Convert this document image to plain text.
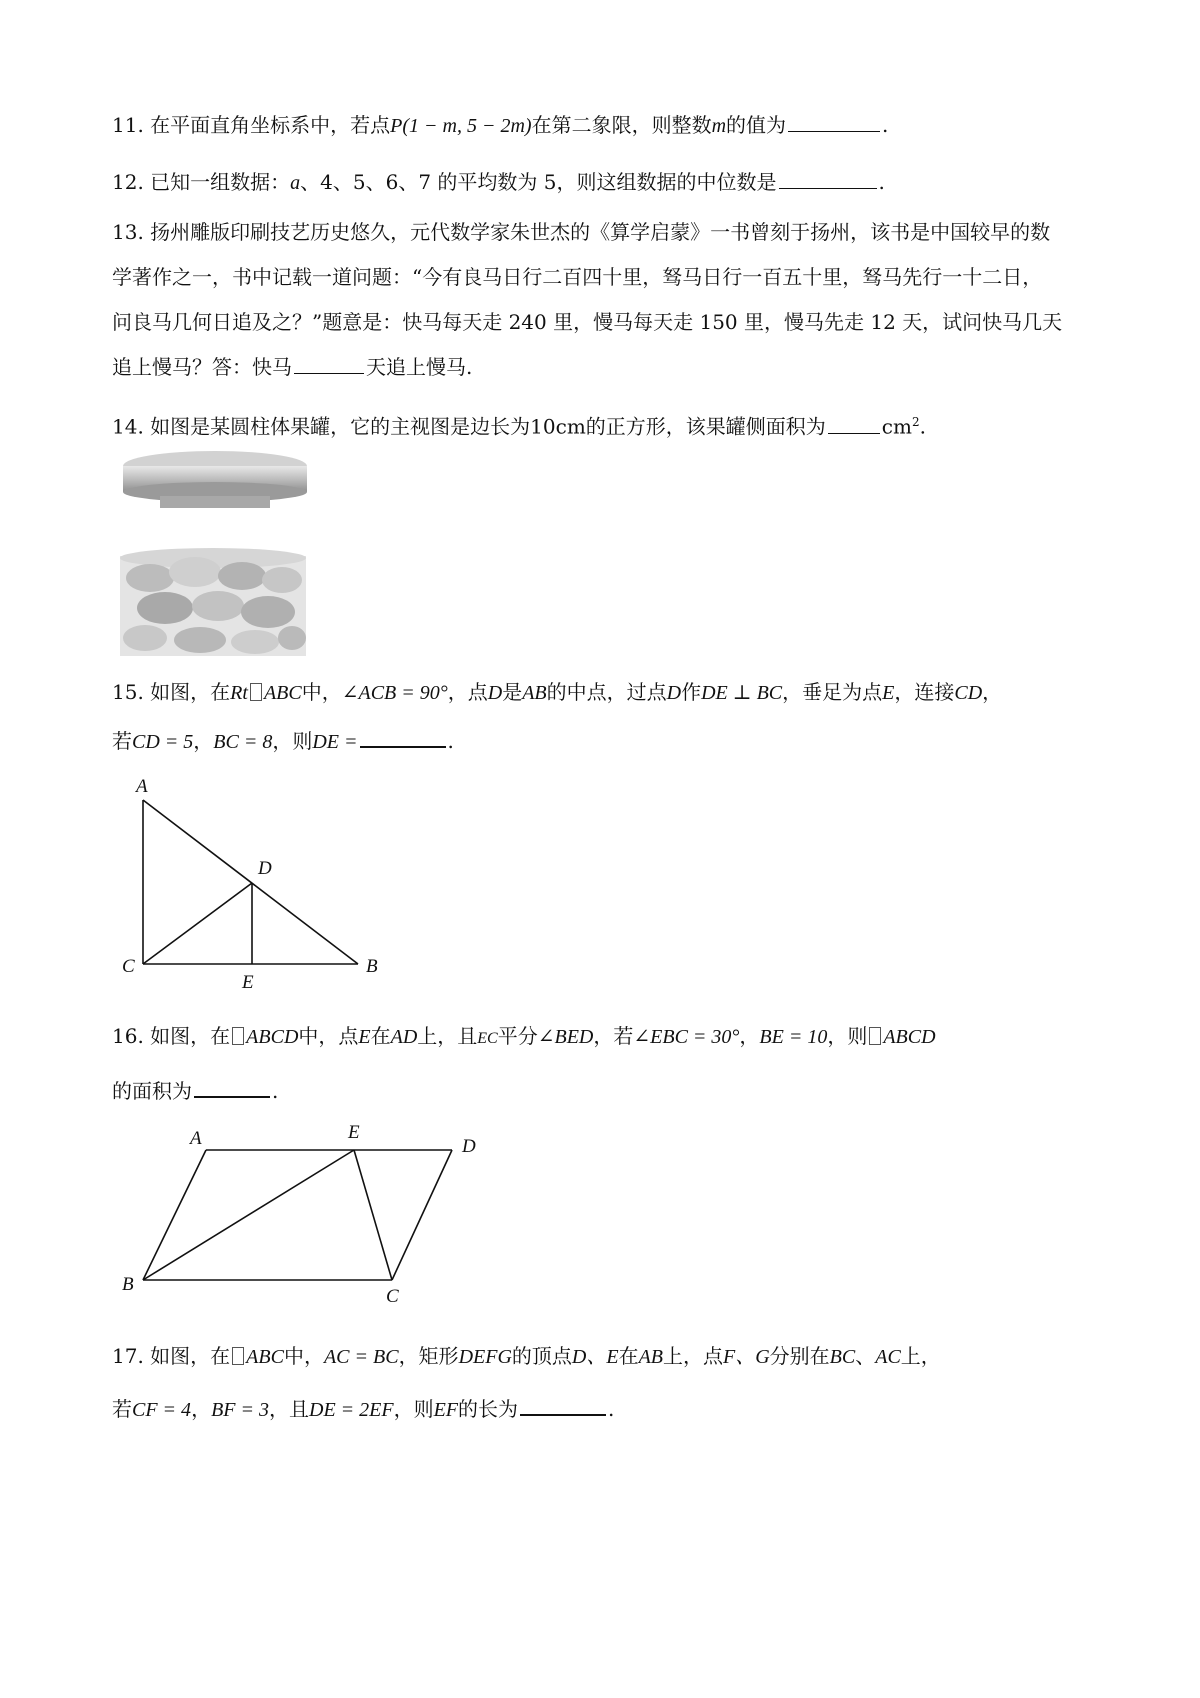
11. 在平面直角坐标系中，若点P(1 − m, 5 − 2m)在第二象限，则整数m的值为	.

12. 已知一组数据：a、4、5、6、7 的平均数为 5，则这组数据的中位数是	.

13. 扬州雕版印刷技艺历史悠久，元代数学家朱世杰的《算学启蒙》一书曾刻于扬州，该书是中国较早的数

学著作之一，书中记载一道问题：“今有良马日行二百四十里，驽马日行一百五十里，驽马先行一十二日，

问良马几何日追及之？”题意是：快马每天走 240 里，慢马每天走 150 里，慢马先走 12 天，试问快马几天

追上慢马？答：快马	天追上慢马.

14. 如图是某圆柱体果罐，它的主视图是边长为10cm的正方形，该果罐侧面积为	$cm^2$.

15. 如图，在Rt ABC中，∠ACB = 90°，点D是AB的中点，过点D作DE ⊥ BC，垂足为点E，连接CD，

若CD = 5，BC = 8，则DE =	.

A
D
C	B
E

16. 如图，在 ABCD中，点E在AD上，且EC平分∠BED，若∠EBC = 30°，BE = 10，则 ABCD

的面积为	.

A	E
D
B
C

17. 如图，在 ABC中，AC = BC，矩形DEFG的顶点D、E在AB上，点F、G分别在BC、AC上，

若CF = 4，BF = 3，且DE = 2EF，则EF的长为	.
